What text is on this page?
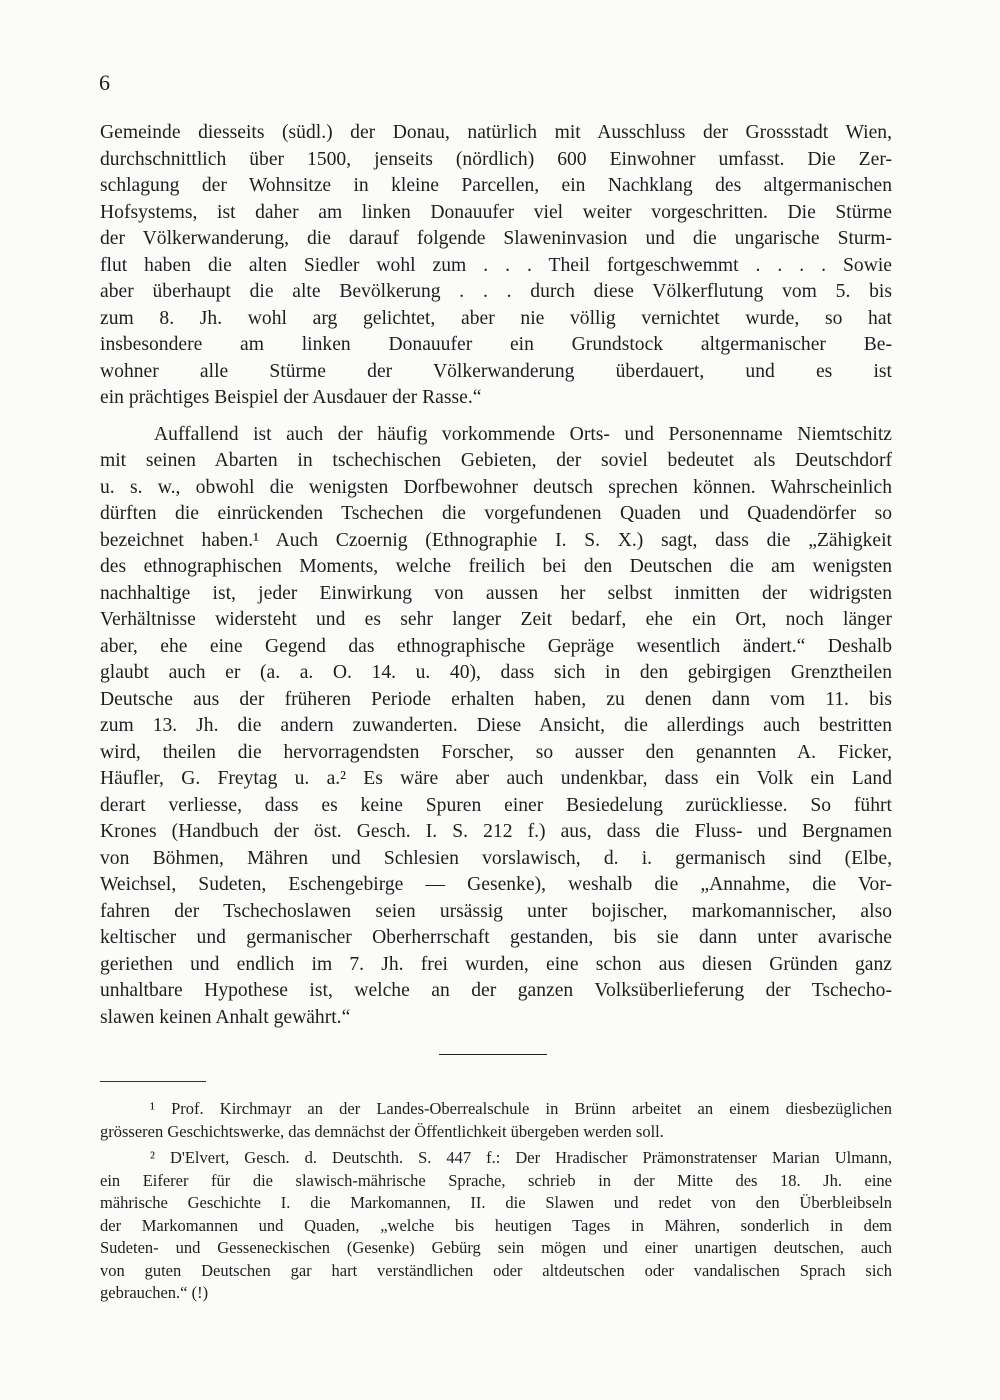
6
Gemeinde diesseits (südl.) der Donau, natürlich mit Ausschluss der Grossstadt Wien,
durchschnittlich über 1500, jenseits (nördlich) 600 Einwohner umfasst. Die Zer-
schlagung der Wohnsitze in kleine Parcellen, ein Nachklang des altgermanischen
Hofsystems, ist daher am linken Donauufer viel weiter vorgeschritten. Die Stürme
der Völkerwanderung, die darauf folgende Slaweninvasion und die ungarische Sturm-
flut haben die alten Siedler wohl zum . . . Theil fortgeschwemmt . . . . Sowie
aber überhaupt die alte Bevölkerung . . . durch diese Völkerflutung vom 5. bis
zum 8. Jh. wohl arg gelichtet, aber nie völlig vernichtet wurde, so hat
insbesondere am linken Donauufer ein Grundstock altgermanischer Be-
wohner alle Stürme der Völkerwanderung überdauert, und es ist
ein prächtiges Beispiel der Ausdauer der Rasse.“
Auffallend ist auch der häufig vorkommende Orts- und Personenname Niemtschitz
mit seinen Abarten in tschechischen Gebieten, der soviel bedeutet als Deutschdorf
u. s. w., obwohl die wenigsten Dorfbewohner deutsch sprechen können. Wahrscheinlich
dürften die einrückenden Tschechen die vorgefundenen Quaden und Quadendörfer so
bezeichnet haben.¹ Auch Czoernig (Ethnographie I. S. X.) sagt, dass die „Zähigkeit
des ethnographischen Moments, welche freilich bei den Deutschen die am wenigsten
nachhaltige ist, jeder Einwirkung von aussen her selbst inmitten der widrigsten
Verhältnisse widersteht und es sehr langer Zeit bedarf, ehe ein Ort, noch länger
aber, ehe eine Gegend das ethnographische Gepräge wesentlich ändert.“ Deshalb
glaubt auch er (a. a. O. 14. u. 40), dass sich in den gebirgigen Grenztheilen
Deutsche aus der früheren Periode erhalten haben, zu denen dann vom 11. bis
zum 13. Jh. die andern zuwanderten. Diese Ansicht, die allerdings auch bestritten
wird, theilen die hervorragendsten Forscher, so ausser den genannten A. Ficker,
Häufler, G. Freytag u. a.² Es wäre aber auch undenkbar, dass ein Volk ein Land
derart verliesse, dass es keine Spuren einer Besiedelung zurückliesse. So führt
Krones (Handbuch der öst. Gesch. I. S. 212 f.) aus, dass die Fluss- und Bergnamen
von Böhmen, Mähren und Schlesien vorslawisch, d. i. germanisch sind (Elbe,
Weichsel, Sudeten, Eschengebirge — Gesenke), weshalb die „Annahme, die Vor-
fahren der Tschechoslawen seien ursässig unter bojischer, markomannischer, also
keltischer und germanischer Oberherrschaft gestanden, bis sie dann unter avarische
geriethen und endlich im 7. Jh. frei wurden, eine schon aus diesen Gründen ganz
unhaltbare Hypothese ist, welche an der ganzen Volksüberlieferung der Tschecho-
slawen keinen Anhalt gewährt.“
¹ Prof. Kirchmayr an der Landes-Oberrealschule in Brünn arbeitet an einem diesbezüglichen
grösseren Geschichtswerke, das demnächst der Öffentlichkeit übergeben werden soll.
² D'Elvert, Gesch. d. Deutschth. S. 447 f.: Der Hradischer Prämonstratenser Marian Ulmann,
ein Eiferer für die slawisch-mährische Sprache, schrieb in der Mitte des 18. Jh. eine
mährische Geschichte I. die Markomannen, II. die Slawen und redet von den Überbleibseln
der Markomannen und Quaden, „welche bis heutigen Tages in Mähren, sonderlich in dem
Sudeten- und Gesseneckischen (Gesenke) Gebürg sein mögen und einer unartigen deutschen, auch
von guten Deutschen gar hart verständlichen oder altdeutschen oder vandalischen Sprach sich
gebrauchen.“ (!)
